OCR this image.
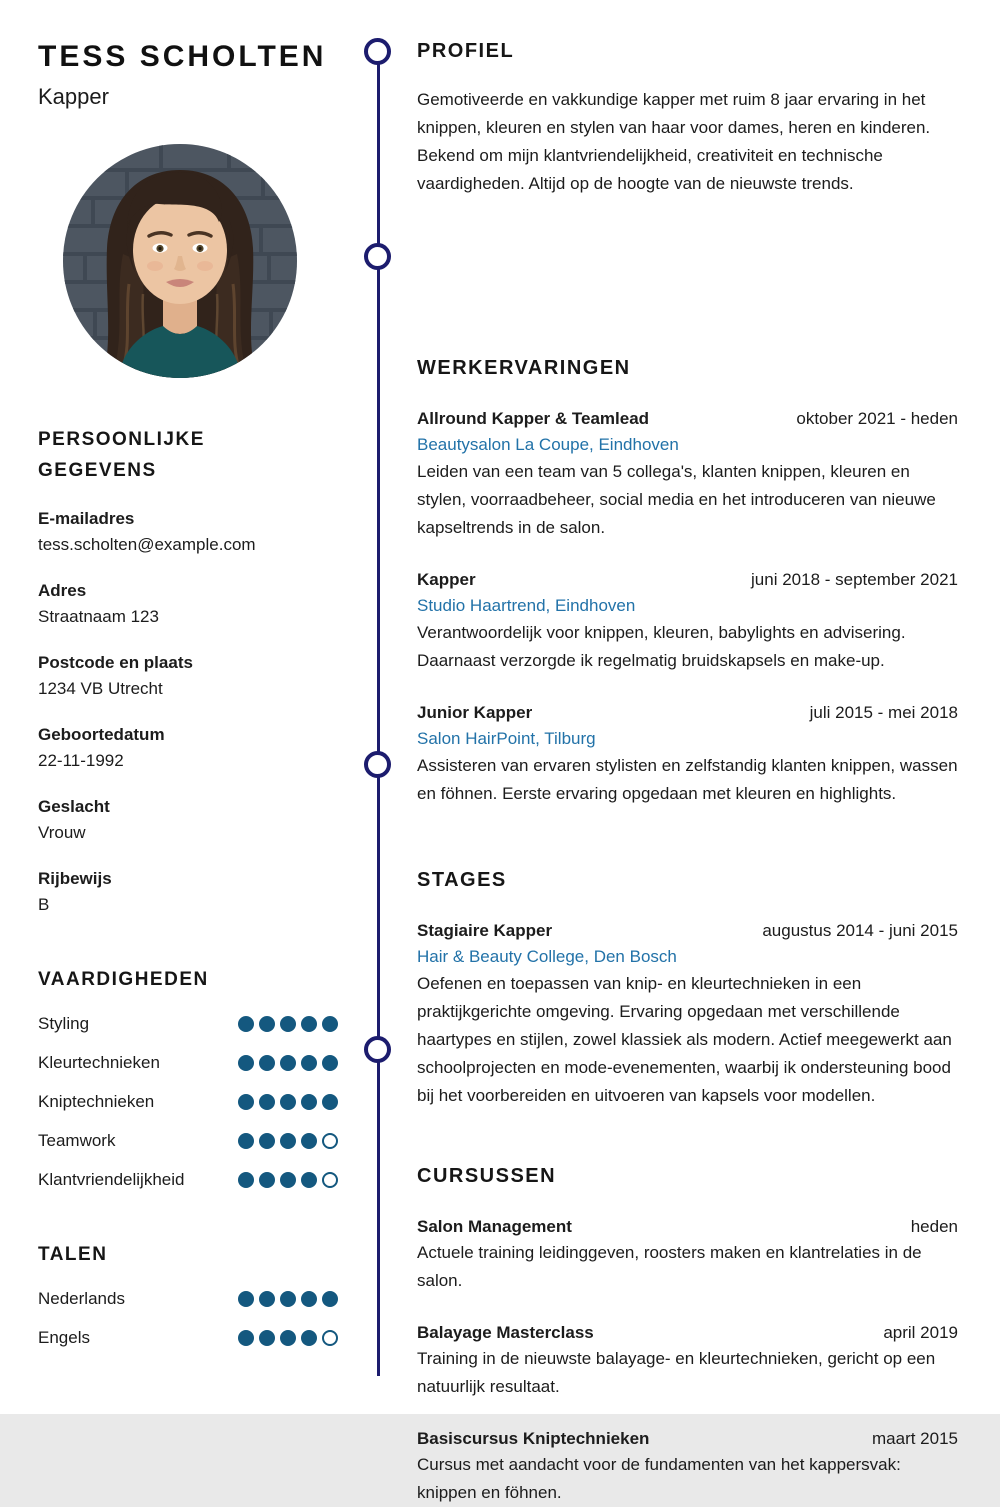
TESS SCHOLTEN
Kapper
PERSOONLIJKE GEGEVENS
E-mailadres
tess.scholten@example.com
Adres
Straatnaam 123
Postcode en plaats
1234 VB Utrecht
Geboortedatum
22-11-1992
Geslacht
Vrouw
Rijbewijs
B
VAARDIGHEDEN
Styling
Kleurtechnieken
Kniptechnieken
Teamwork
Klantvriendelijkheid
TALEN
Nederlands
Engels
PROFIEL
Gemotiveerde en vakkundige kapper met ruim 8 jaar ervaring in het knippen, kleuren en stylen van haar voor dames, heren en kinderen. Bekend om mijn klantvriendelijkheid, creativiteit en technische vaardigheden. Altijd op de hoogte van de nieuwste trends.
WERKERVARINGEN
Allround Kapper & Teamlead	oktober 2021 - heden
Beautysalon La Coupe, Eindhoven
Leiden van een team van 5 collega's, klanten knippen, kleuren en stylen, voorraadbeheer, social media en het introduceren van nieuwe kapseltrends in de salon.
Kapper	juni 2018 - september 2021
Studio Haartrend, Eindhoven
Verantwoordelijk voor knippen, kleuren, babylights en advisering. Daarnaast verzorgde ik regelmatig bruidskapsels en make-up.
Junior Kapper	juli 2015 - mei 2018
Salon HairPoint, Tilburg
Assisteren van ervaren stylisten en zelfstandig klanten knippen, wassen en föhnen. Eerste ervaring opgedaan met kleuren en highlights.
STAGES
Stagiaire Kapper	augustus 2014 - juni 2015
Hair & Beauty College, Den Bosch
Oefenen en toepassen van knip- en kleurtechnieken in een praktijkgerichte omgeving. Ervaring opgedaan met verschillende haartypes en stijlen, zowel klassiek als modern. Actief meegewerkt aan schoolprojecten en mode-evenementen, waarbij ik ondersteuning bood bij het voorbereiden en uitvoeren van kapsels voor modellen.
CURSUSSEN
Salon Management	heden
Actuele training leidinggeven, roosters maken en klantrelaties in de salon.
Balayage Masterclass	april 2019
Training in de nieuwste balayage- en kleurtechnieken, gericht op een natuurlijk resultaat.
Basiscursus Kniptechnieken	maart 2015
Cursus met aandacht voor de fundamenten van het kappersvak: knippen en föhnen.
